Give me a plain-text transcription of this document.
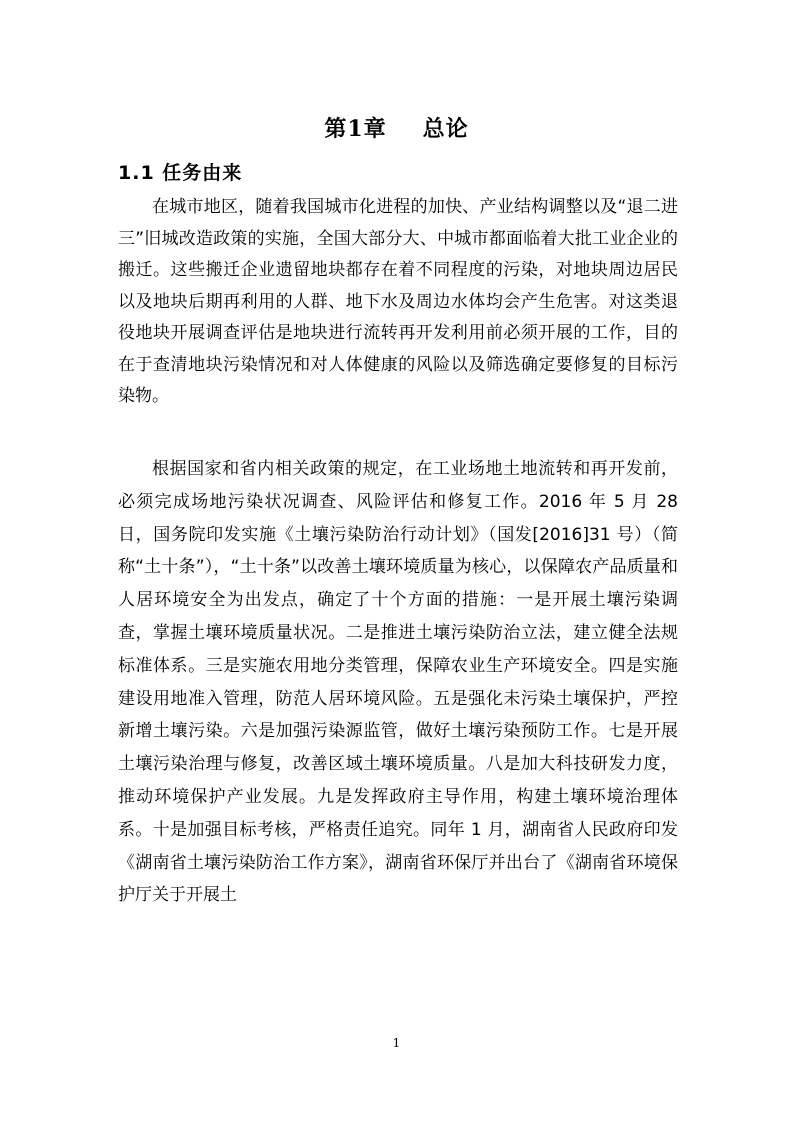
第1章 总论
1.1 任务由来

在城市地区，随着我国城市化进程的加快、产业结构调整以及“退二进三”旧城改造政策的实施，全国大部分大、中城市都面临着大批工业企业的搬迁。这些搬迁企业遗留地块都存在着不同程度的污染，对地块周边居民以及地块后期再利用的人群、地下水及周边水体均会产生危害。对这类退役地块开展调查评估是地块进行流转再开发利用前必须开展的工作，目的在于查清地块污染情况和对人体健康的风险以及筛选确定要修复的目标污染物。

根据国家和省内相关政策的规定，在工业场地土地流转和再开发前，必须完成场地污染状况调查、风险评估和修复工作。2016 年 5 月 28 日，国务院印发实施《土壤污染防治行动计划》（国发[2016]31 号）（简称“土十条”），“土十条”以改善土壤环境质量为核心，以保障农产品质量和人居环境安全为出发点，确定了十个方面的措施：一是开展土壤污染调查，掌握土壤环境质量状况。二是推进土壤污染防治立法，建立健全法规标准体系。三是实施农用地分类管理，保障农业生产环境安全。四是实施建设用地准入管理，防范人居环境风险。五是强化未污染土壤保护，严控新增土壤污染。六是加强污染源监管，做好土壤污染预防工作。七是开展土壤污染治理与修复，改善区域土壤环境质量。八是加大科技研发力度，推动环境保护产业发展。九是发挥政府主导作用，构建土壤环境治理体系。十是加强目标考核，严格责任追究。同年 1 月，湖南省人民政府印发《湖南省土壤污染防治工作方案》，湖南省环保厅并出台了《湖南省环境保护厅关于开展土

1
